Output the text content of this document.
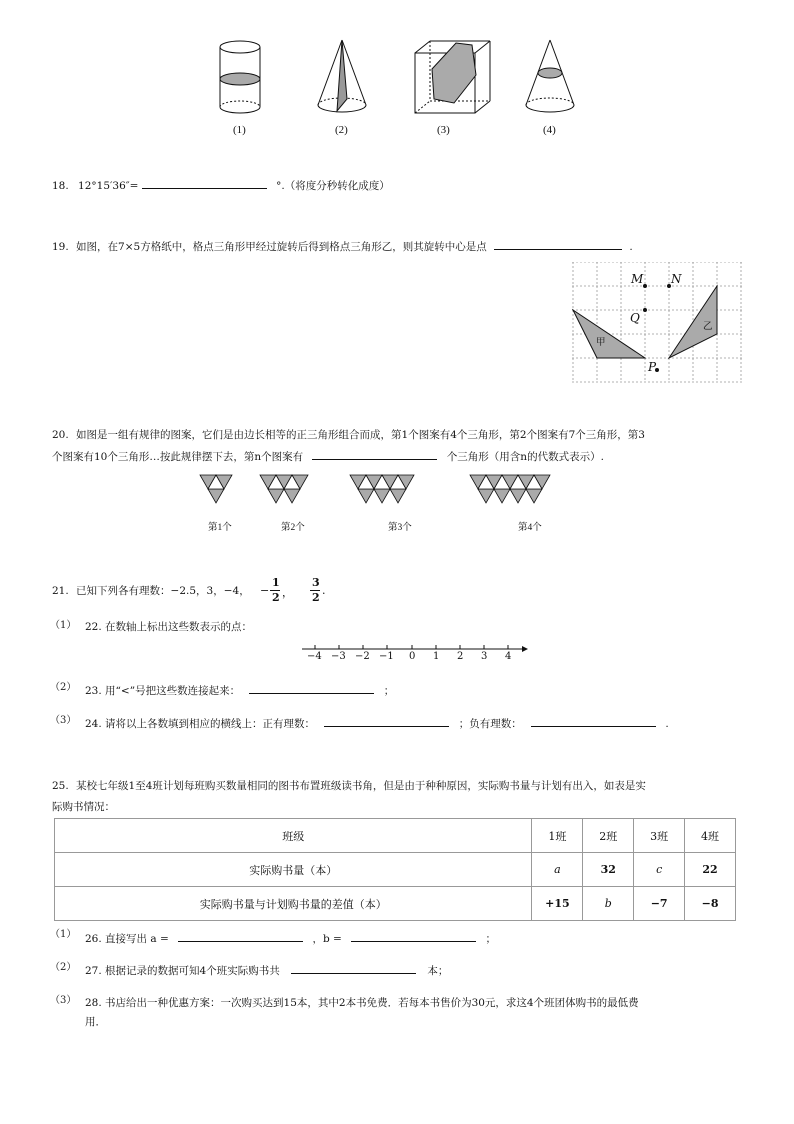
(1)	(2)	(3)	(4)
18. 12°15′36″=	°.（将度分秒转化成度）
19. 如图，在7×5方格纸中，格点三角形甲经过旋转后得到格点三角形乙，则其旋转中心是点	.
M N
Q
P
甲
乙
20. 如图是一组有规律的图案，它们是由边长相等的正三角形组合而成，第1个图案有4个三角形，第2个图案有7个三角形，第3
个图案有10个三角形…按此规律摆下去，第n个图案有	个三角形（用含n的代数式表示）.
第1个	第2个	第3个	第4个
21. 已知下列各有理数：−2.5，3，−4， −
1
2 ，
3
2
.
（1） 22. 在数轴上标出这些数表示的点：
−4 −3 −2 −1 0 1 2 3 4
（2） 23. 用“<”号把这些数连接起来：	；
（3） 24. 请将以上各数填到相应的横线上：正有理数：	；负有理数：	.
25. 某校七年级1至4班计划每班购买数量相同的图书布置班级读书角，但是由于种种原因，实际购书量与计划有出入，如表是实
际购书情况：
班级	1班	2班	3班	4班
实际购书量（本）	a	32	c	22
实际购书量与计划购书量的差值（本）	+15	b	−7	−8
（1） 26. 直接写出 a =	，b =	；
（2） 27. 根据记录的数据可知4个班实际购书共	本；
（3） 28. 书店给出一种优惠方案：一次购买达到15本，其中2本书免费．若每本书售价为30元，求这4个班团体购书的最低费
用．
